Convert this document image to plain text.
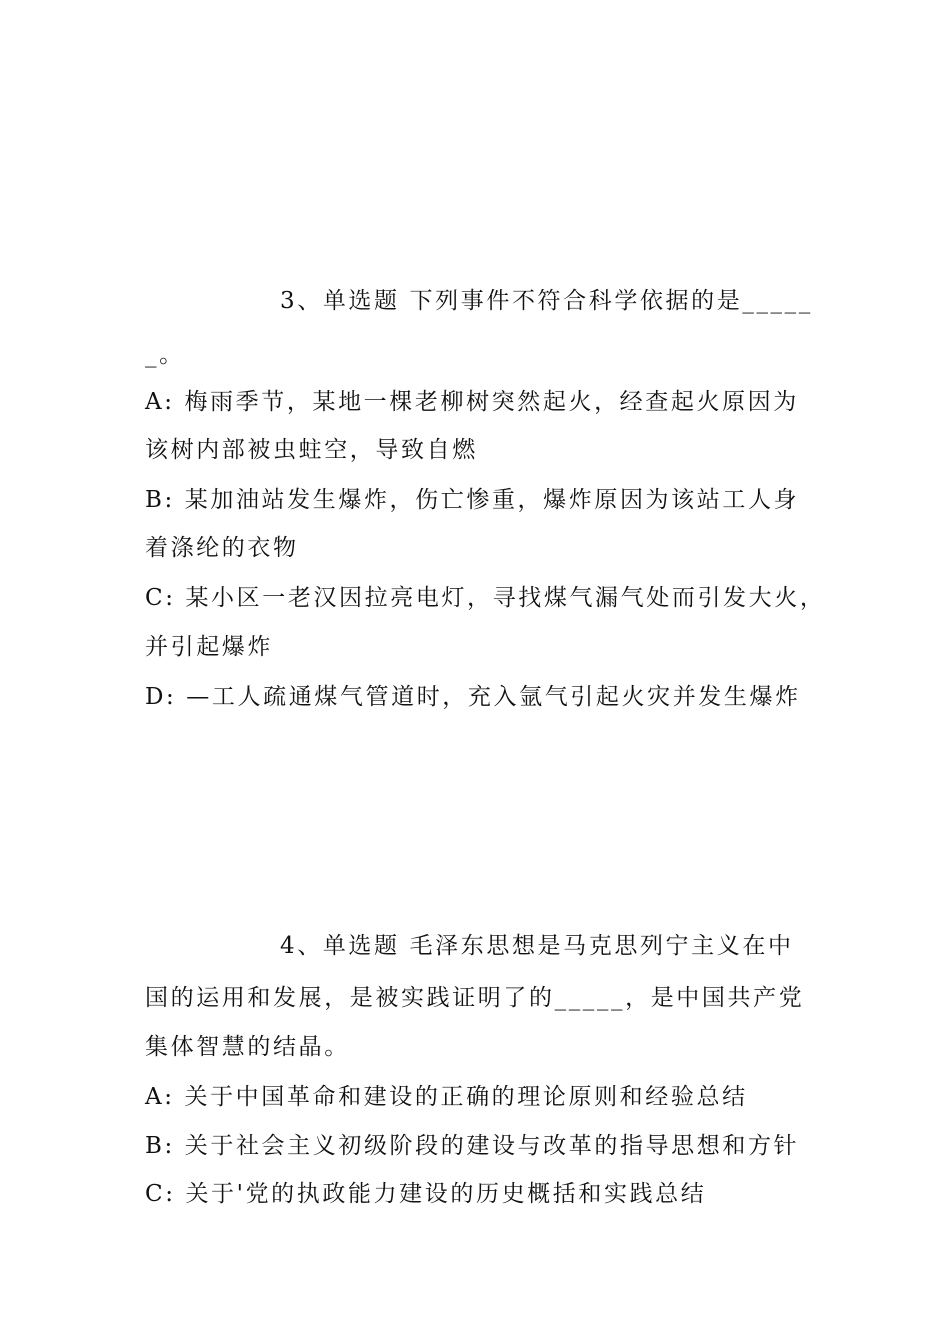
3、单选题 下列事件不符合科学依据的是_____
_。
A: 梅雨季节，某地一棵老柳树突然起火，经查起火原因为
该树内部被虫蛀空，导致自燃
B: 某加油站发生爆炸，伤亡惨重，爆炸原因为该站工人身
着涤纶的衣物
C: 某小区一老汉因拉亮电灯，寻找煤气漏气处而引发大火，
并引起爆炸
D: —工人疏通煤气管道时，充入氩气引起火灾并发生爆炸
4、单选题 毛泽东思想是马克思列宁主义在中
国的运用和发展，是被实践证明了的_____，是中国共产党
集体智慧的结晶。
A: 关于中国革命和建设的正确的理论原则和经验总结
B: 关于社会主义初级阶段的建设与改革的指导思想和方针
C: 关于'党的执政能力建设的历史概括和实践总结
